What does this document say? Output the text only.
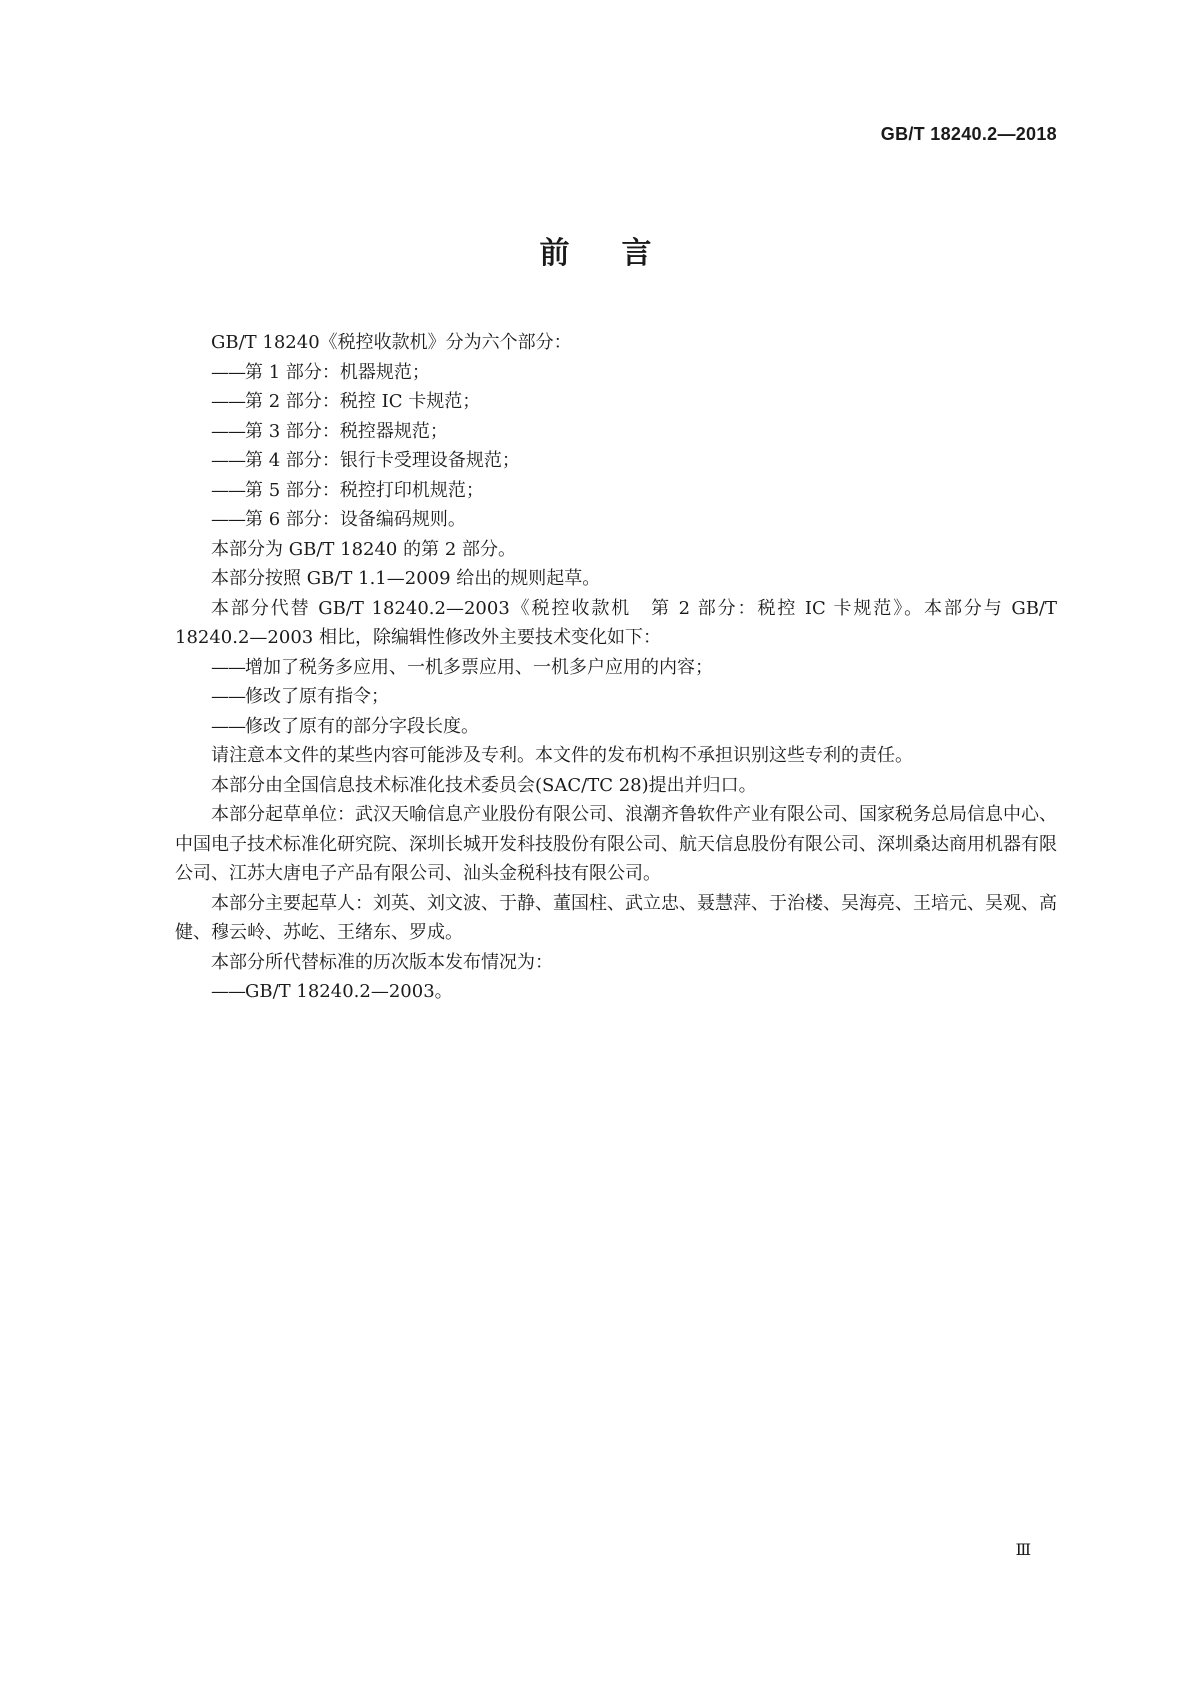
GB/T 18240.2—2018
前言

GB/T 18240《税控收款机》分为六个部分：

—— 第 1 部分：机器规范；

—— 第 2 部分：税控 IC 卡规范；

—— 第 3 部分：税控器规范；

—— 第 4 部分：银行卡受理设备规范；

—— 第 5 部分：税控打印机规范；

—— 第 6 部分：设备编码规则。

本部分为 GB/T 18240 的第 2 部分。

本部分按照 GB/T 1.1—2009 给出的规则起草。

本部分代替 GB/T 18240.2—2003《税控收款机　第 2 部分：税控 IC 卡规范》。本部分与 GB/T 18240.2—2003 相比，除编辑性修改外主要技术变化如下：

—— 增加了税务多应用、一机多票应用、一机多户应用的内容；

—— 修改了原有指令；

—— 修改了原有的部分字段长度。

请注意本文件的某些内容可能涉及专利。本文件的发布机构不承担识别这些专利的责任。

本部分由全国信息技术标准化技术委员会(SAC/TC 28)提出并归口。

本部分起草单位：武汉天喻信息产业股份有限公司、浪潮齐鲁软件产业有限公司、国家税务总局信息中心、中国电子技术标准化研究院、深圳长城开发科技股份有限公司、航天信息股份有限公司、深圳桑达商用机器有限公司、江苏大唐电子产品有限公司、汕头金税科技有限公司。

本部分主要起草人：刘英、刘文波、于静、董国柱、武立忠、聂慧萍、于治楼、吴海亮、王培元、吴观、高健、穆云岭、苏屹、王绪东、罗成。

本部分所代替标准的历次版本发布情况为：

—— GB/T 18240.2—2003。

Ⅲ
